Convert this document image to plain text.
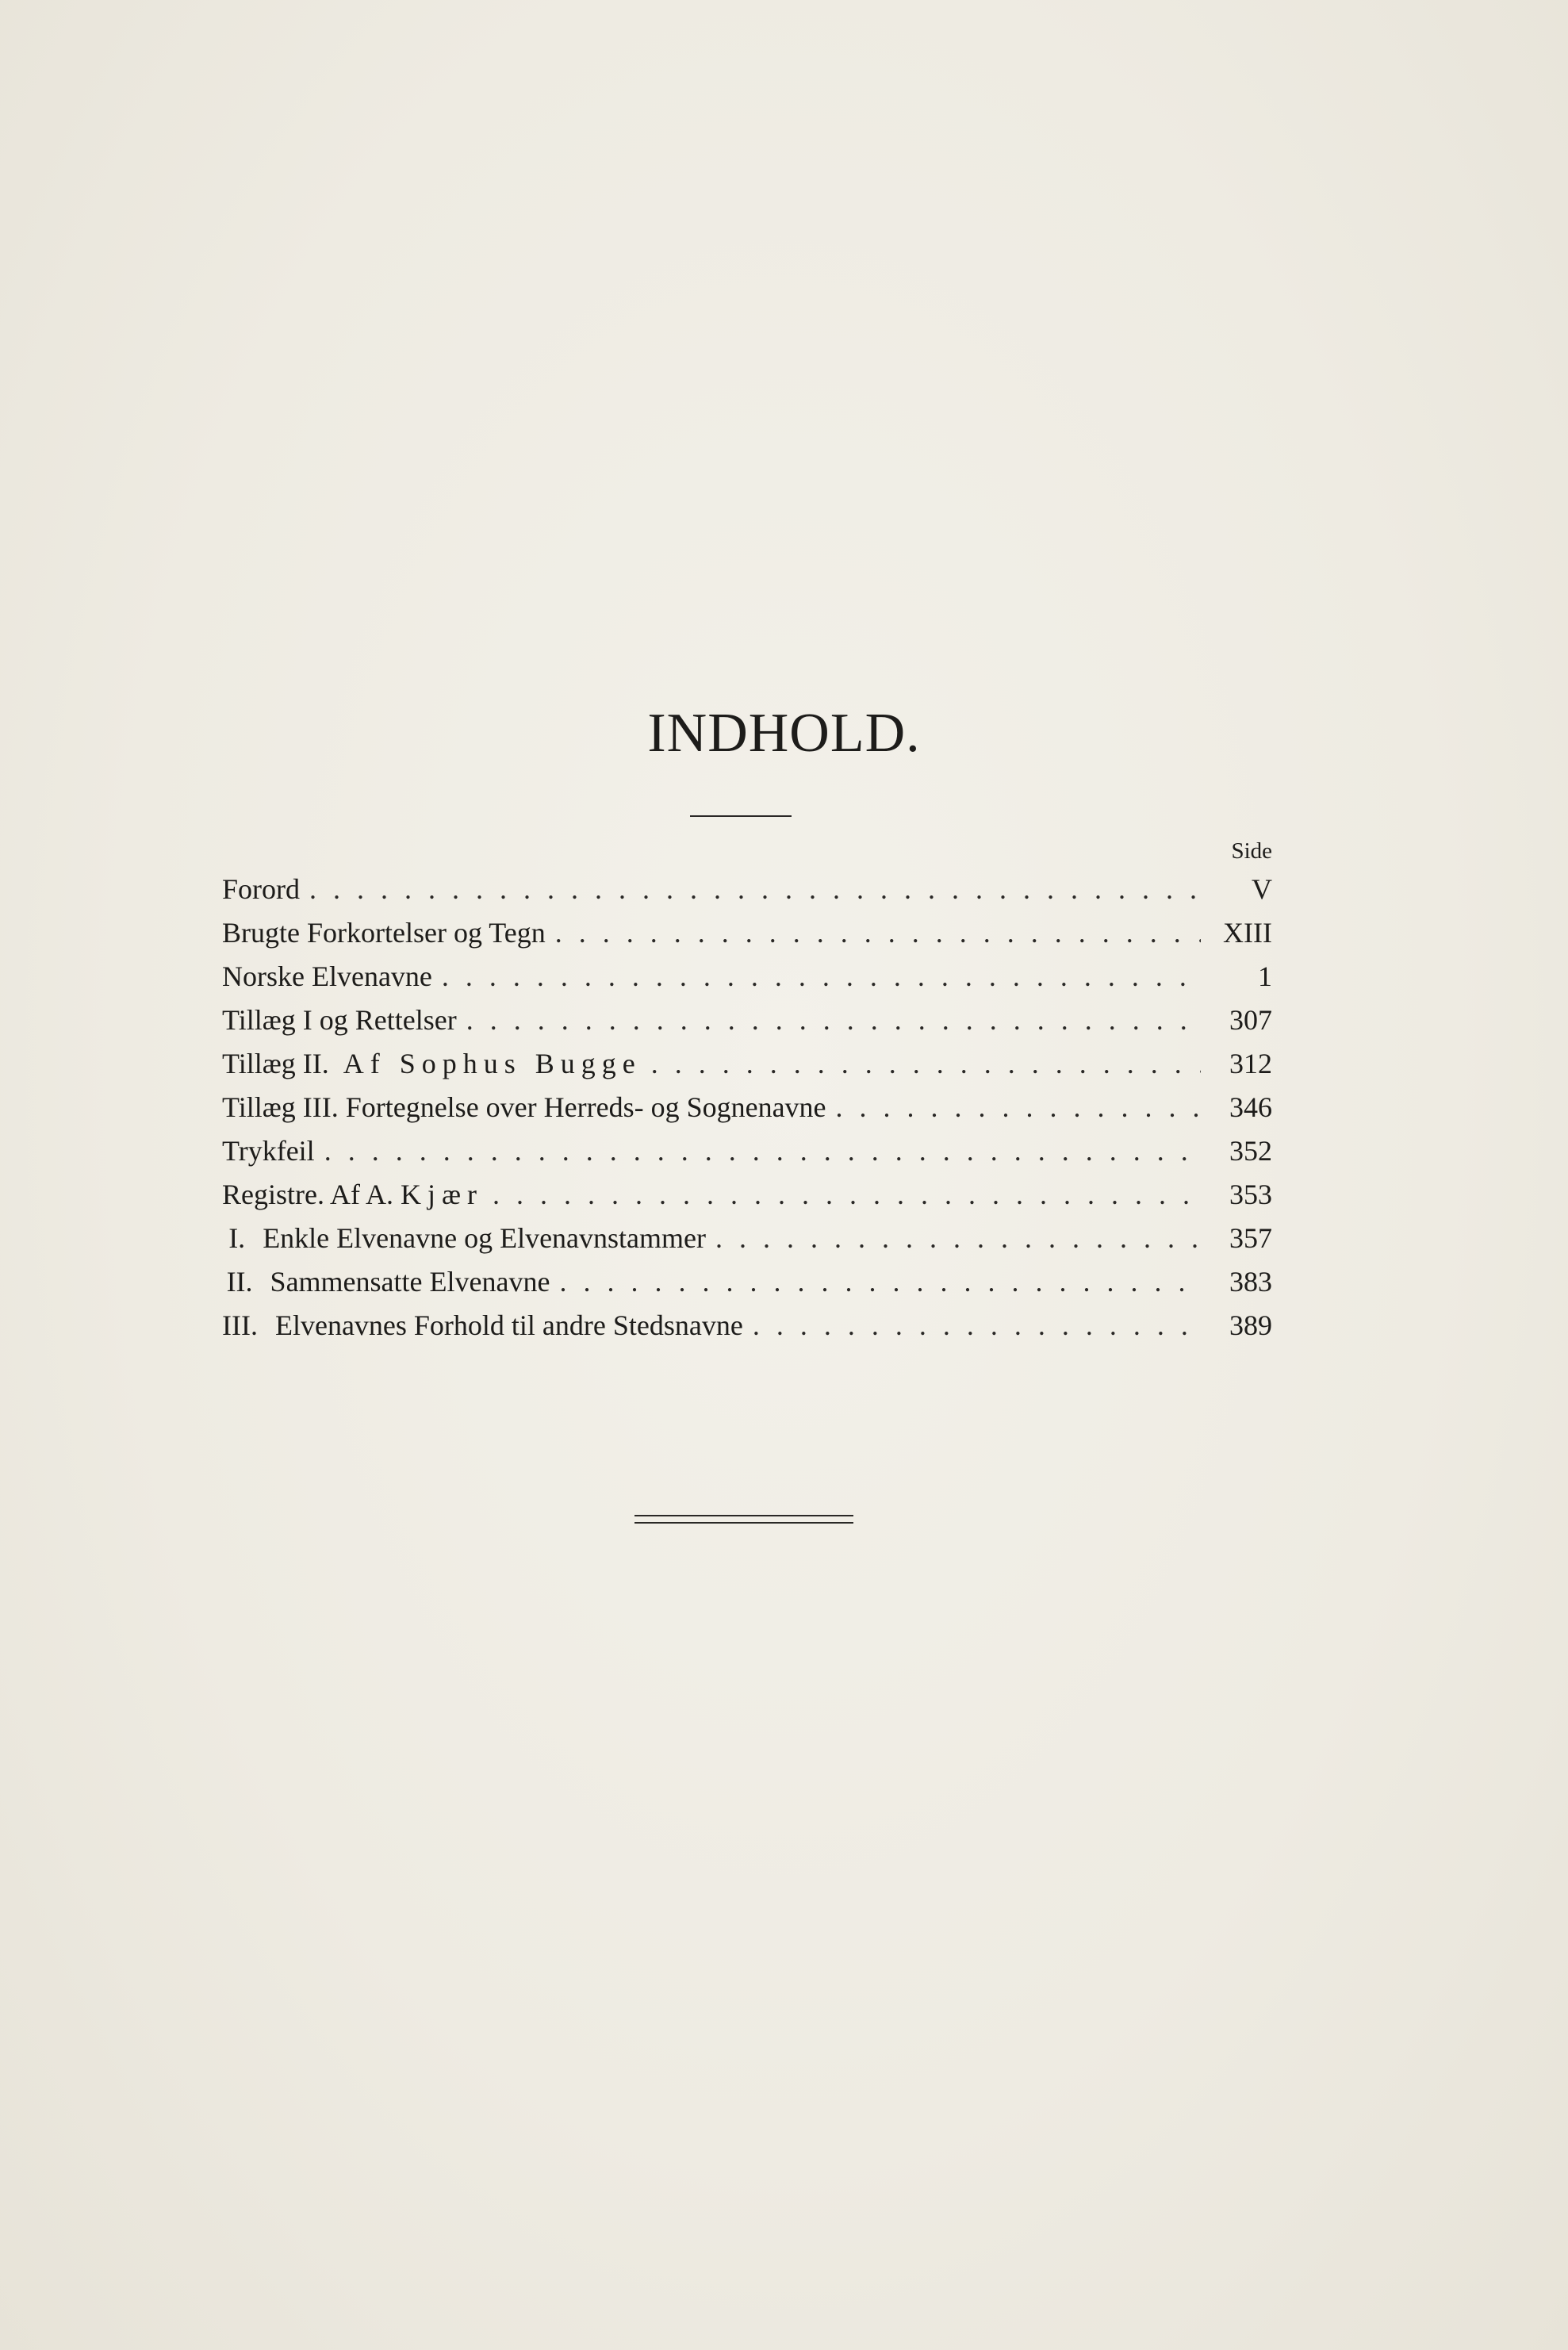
INDHOLD.
Side
Forord . . .	V
Brugte Forkortelser og Tegn . . .	XIII
Norske Elvenavne . . .	1
Tillæg I og Rettelser . . .	307
Tillæg II. Af Sophus Bugge . . .	312
Tillæg III. Fortegnelse over Herreds- og Sognenavne . . .	346
Trykfeil . . .	352
Registre. Af A. Kjær . . .	353
I. Enkle Elvenavne og Elvenavnstammer . . .	357
II. Sammensatte Elvenavne . . .	383
III. Elvenavnes Forhold til andre Stedsnavne . . .	389
